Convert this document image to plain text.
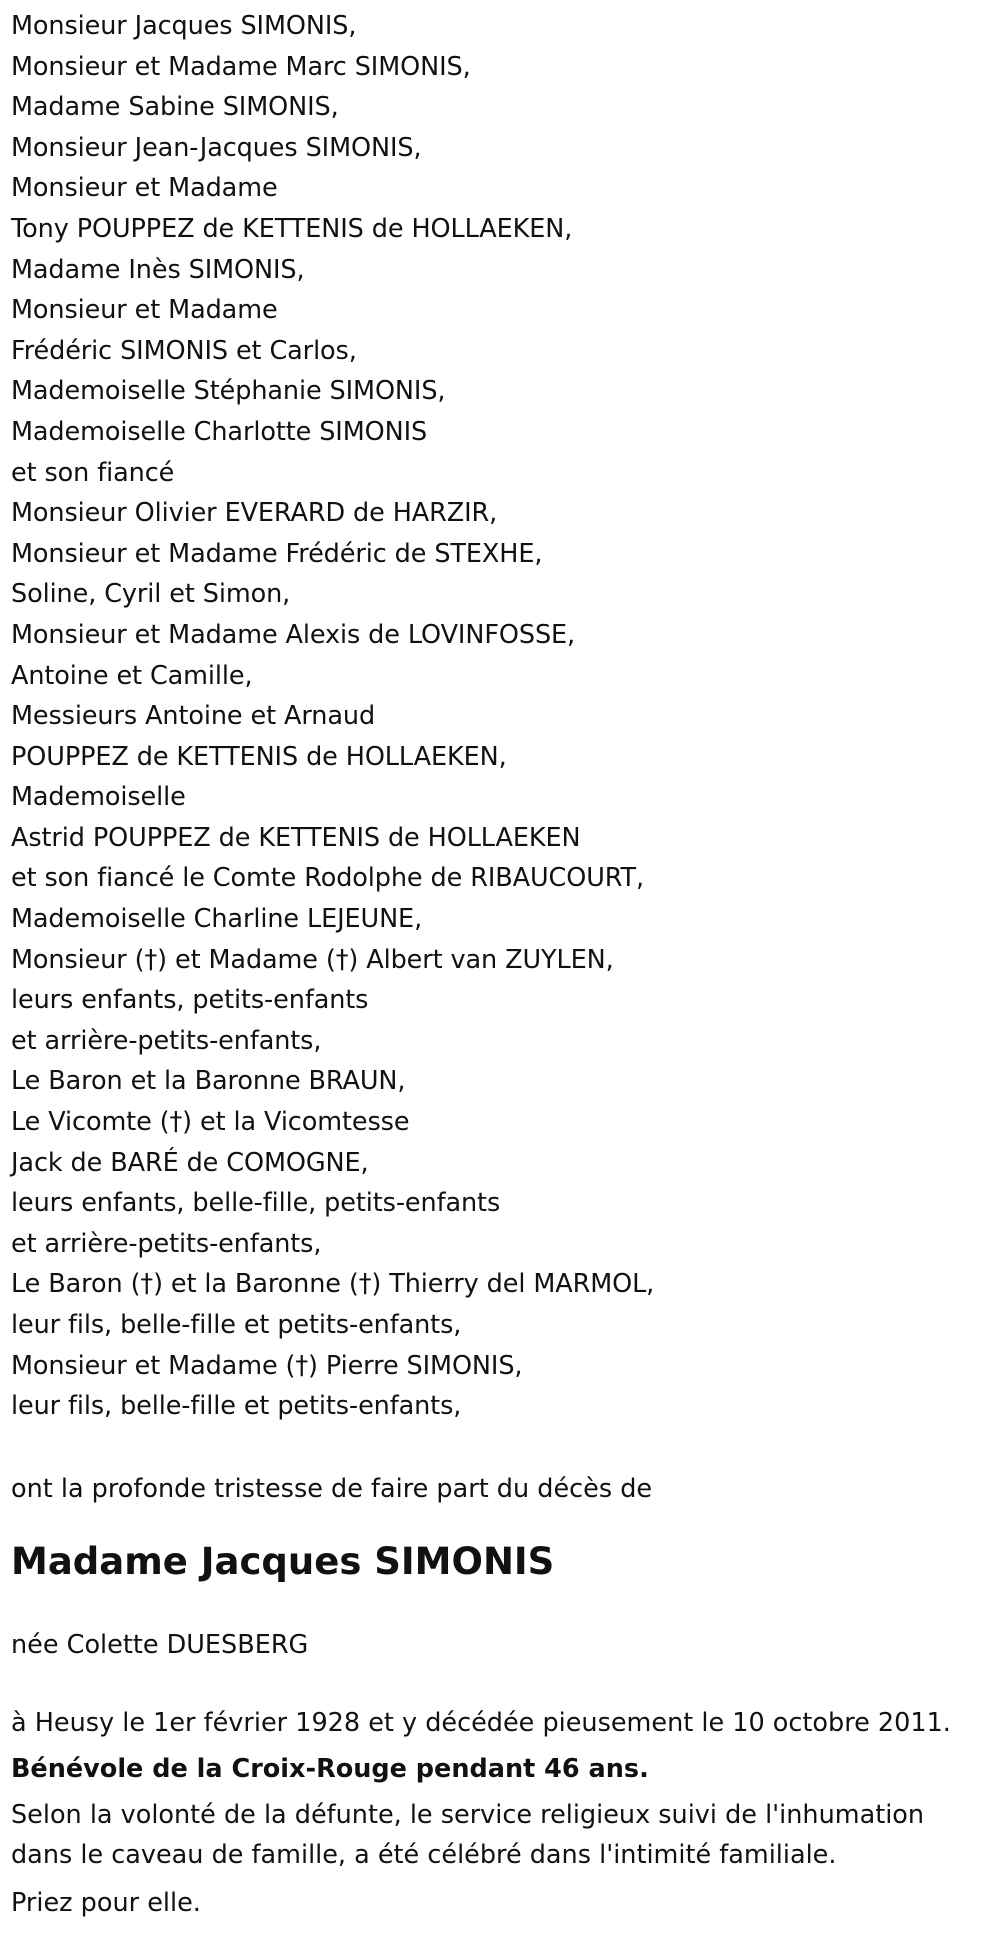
Monsieur Jacques SIMONIS,
Monsieur et Madame Marc SIMONIS,
Madame Sabine SIMONIS,
Monsieur Jean-Jacques SIMONIS,
Monsieur et Madame
Tony POUPPEZ de KETTENIS de HOLLAEKEN,
Madame Inès SIMONIS,
Monsieur et Madame
Frédéric SIMONIS et Carlos,
Mademoiselle Stéphanie SIMONIS,
Mademoiselle Charlotte SIMONIS
et son fiancé
Monsieur Olivier EVERARD de HARZIR,
Monsieur et Madame Frédéric de STEXHE,
Soline, Cyril et Simon,
Monsieur et Madame Alexis de LOVINFOSSE,
Antoine et Camille,
Messieurs Antoine et Arnaud
POUPPEZ de KETTENIS de HOLLAEKEN,
Mademoiselle
Astrid POUPPEZ de KETTENIS de HOLLAEKEN
et son fiancé le Comte Rodolphe de RIBAUCOURT,
Mademoiselle Charline LEJEUNE,
Monsieur (†) et Madame (†) Albert van ZUYLEN,
leurs enfants, petits-enfants
et arrière-petits-enfants,
Le Baron et la Baronne BRAUN,
Le Vicomte (†) et la Vicomtesse
Jack de BARÉ de COMOGNE,
leurs enfants, belle-fille, petits-enfants
et arrière-petits-enfants,
Le Baron (†) et la Baronne (†) Thierry del MARMOL,
leur fils, belle-fille et petits-enfants,
Monsieur et Madame (†) Pierre SIMONIS,
leur fils, belle-fille et petits-enfants,

ont la profonde tristesse de faire part du décès de

Madame Jacques SIMONIS

née Colette DUESBERG

à Heusy le 1er février 1928 et y décédée pieusement le 10 octobre 2011.

Bénévole de la Croix-Rouge pendant 46 ans.

Selon la volonté de la défunte, le service religieux suivi de l'inhumation dans le caveau de famille, a été célébré dans l'intimité familiale.

Priez pour elle.
